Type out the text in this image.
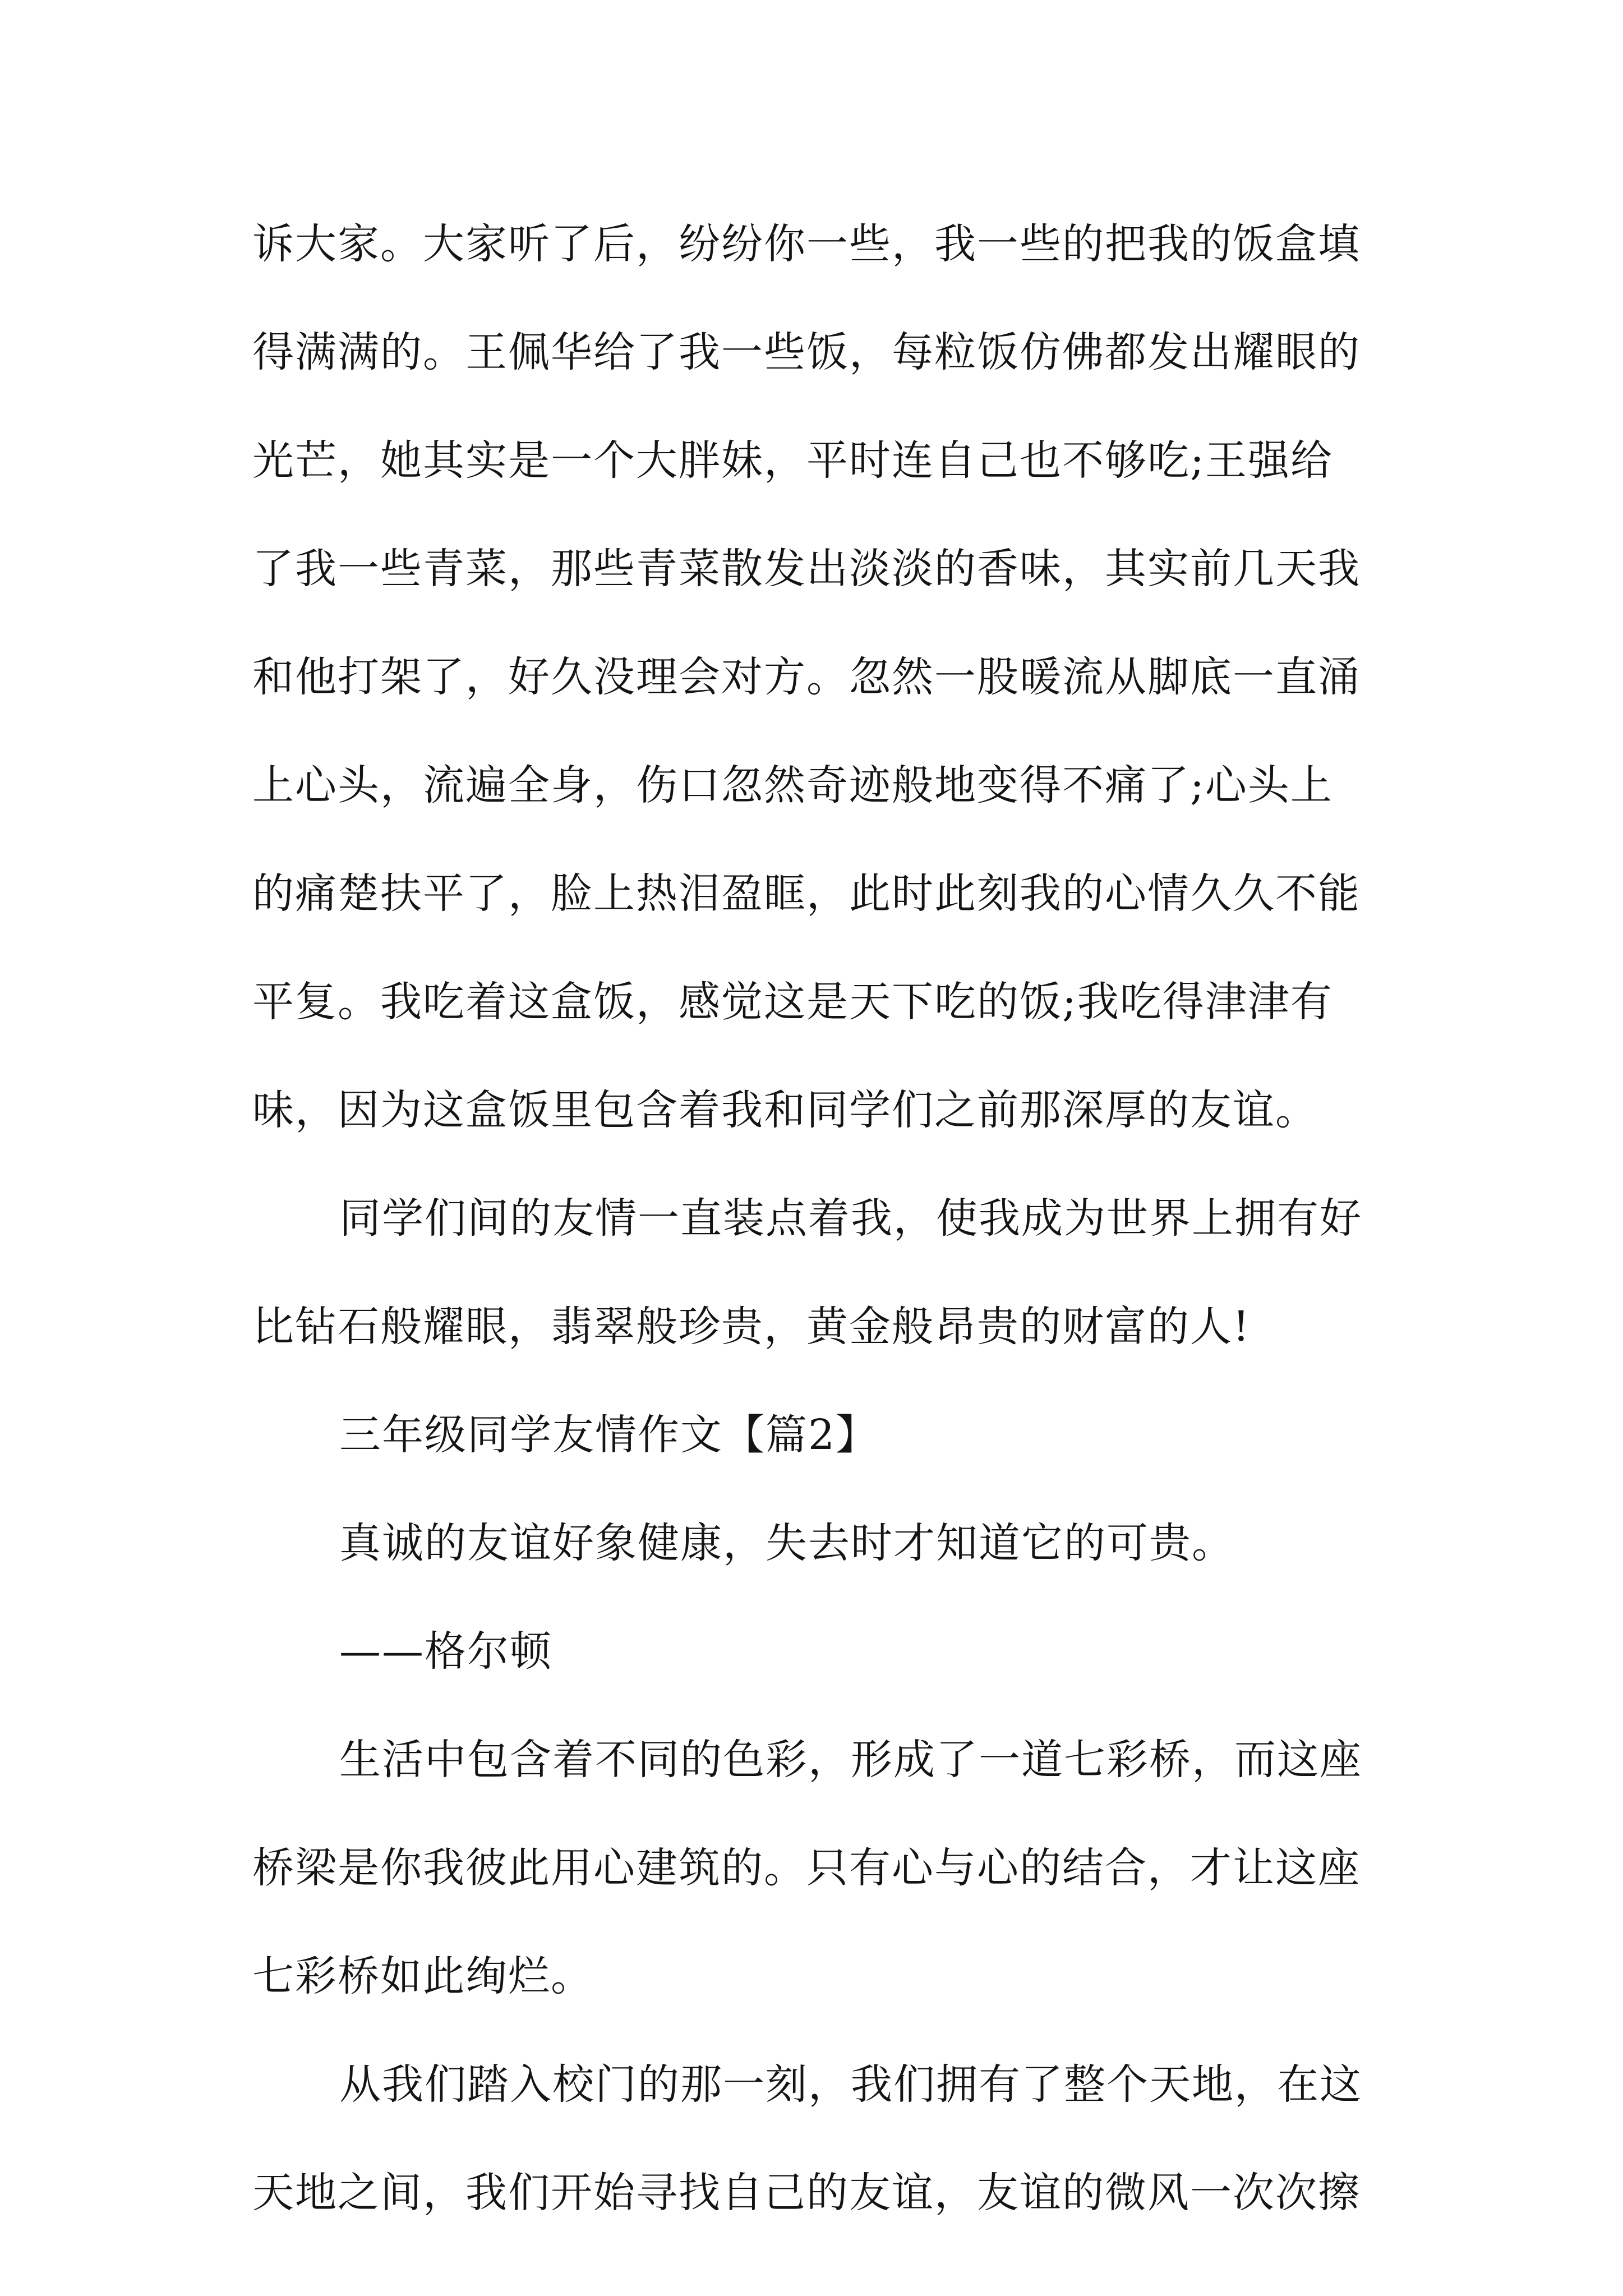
诉大家。大家听了后，纷纷你一些，我一些的把我的饭盒填

得满满的。王佩华给了我一些饭，每粒饭仿佛都发出耀眼的

光芒，她其实是一个大胖妹，平时连自己也不够吃;王强给

了我一些青菜，那些青菜散发出淡淡的香味，其实前几天我

和他打架了，好久没理会对方。忽然一股暖流从脚底一直涌

上心头，流遍全身，伤口忽然奇迹般地变得不痛了;心头上

的痛楚扶平了，脸上热泪盈眶，此时此刻我的心情久久不能

平复。我吃着这盒饭，感觉这是天下吃的饭;我吃得津津有

味，因为这盒饭里包含着我和同学们之前那深厚的友谊。

同学们间的友情一直装点着我，使我成为世界上拥有好

比钻石般耀眼，翡翠般珍贵，黄金般昂贵的财富的人!

三年级同学友情作文【篇2】

真诚的友谊好象健康，失去时才知道它的可贵。

——格尔顿

生活中包含着不同的色彩，形成了一道七彩桥，而这座

桥梁是你我彼此用心建筑的。只有心与心的结合，才让这座

七彩桥如此绚烂。

从我们踏入校门的那一刻，我们拥有了整个天地，在这

天地之间，我们开始寻找自己的友谊，友谊的微风一次次擦
